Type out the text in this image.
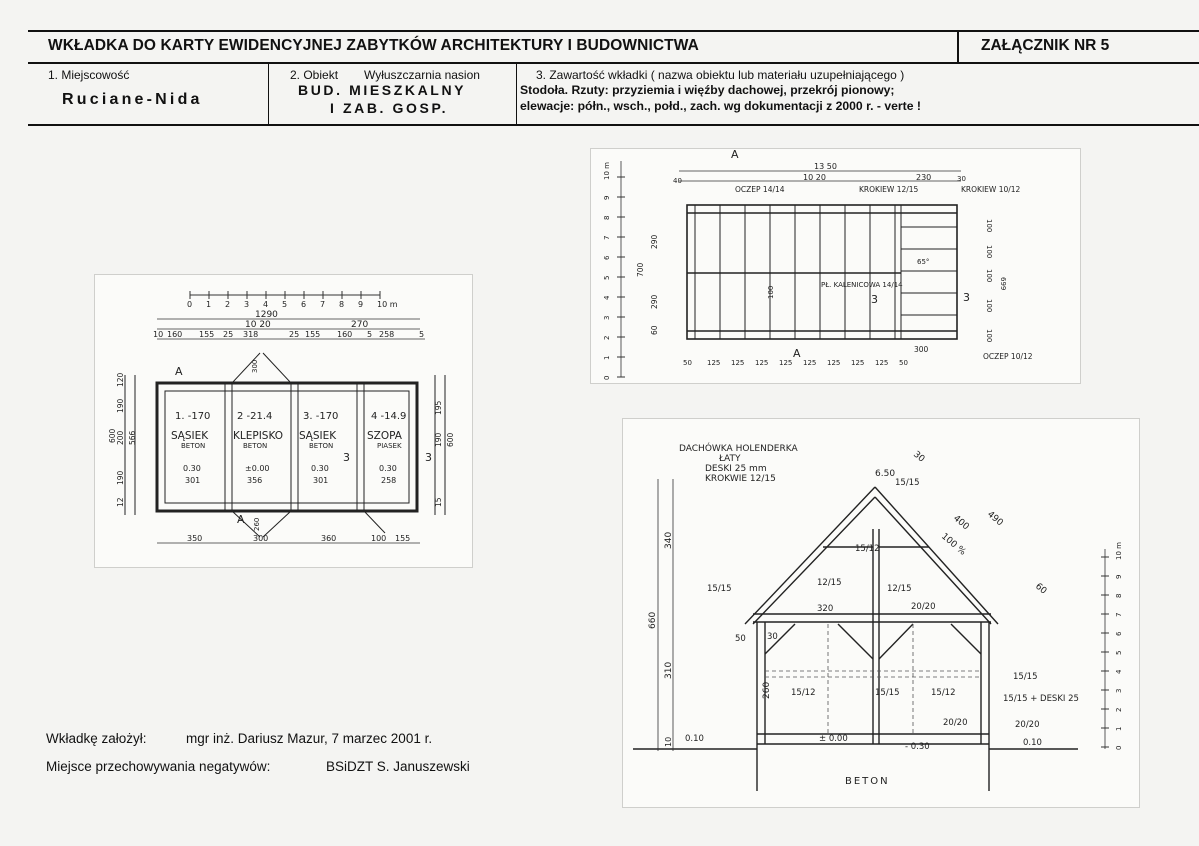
WKŁADKA DO KARTY EWIDENCYJNEJ ZABYTKÓW ARCHITEKTURY I BUDOWNICTWA	ZAŁĄCZNIK NR 5
1. Miejscowość
Ruciane-Nida
2. Obiekt Wyłuszczarnia nasion
BUD. MIESZKALNY
I ZAB. GOSP.
3. Zawartość wkładki ( nazwa obiektu lub materiału uzupełniającego )
Stodoła. Rzuty: przyziemia i więźby dachowej, przekrój pionowy;
elewacje: półn., wsch., połd., zach. wg dokumentacji z 2000 r. - verte !
0 1 2 3 4 5 6 7 8 9 10 m
1290
10 20	270
10 160 155 25 318	25 155 160 5 258	5
1. -170
SĄSIEK
BETON
0.30
301
2 -21.4
KLEPISKO
BETON
±0.00
356
3. -170
SĄSIEK
BETON
0.30
301
4 -14.9
SZOPA
PIASEK
0.30
258
350	300	360	100 155
120
190
200 566
600
190
12
195
190 600
15
A
A
3	3
300
260
13 50
10 20	230
A
A
3	3
OCZEP 14/14	KROKIEW 12/15	KROKIEW 10/12
PŁ. KALENICOWA 14/14
OCZEP 10/12
300
40	30
65°
100
290
700
290
60
100
100
100
699
100
100
50 125 125 125 125 125 125 125 125 50
0
1
2
3
4
5
6
7
8
9
10 m
DACHÓWKA HOLENDERKA
ŁATY
DESKI 25 mm
KROKWIE 12/15	6.50
340
660
310
260
10
15/15
12/15
12/15
15/15
320	20/20
50 30
15/12	15/15	15/12
15/12
15/15
15/15 + DESKI 25
20/20	20/20
0.10	0.10
± 0.00
- 0.30
100 %
400 490
30
60
BETON
0
1
2
3
4
5
6
7
8
9
10 m
Wkładkę założył:	mgr inż. Dariusz Mazur, 7 marzec 2001 r.
Miejsce przechowywania negatywów:	BSiDZT S. Januszewski
